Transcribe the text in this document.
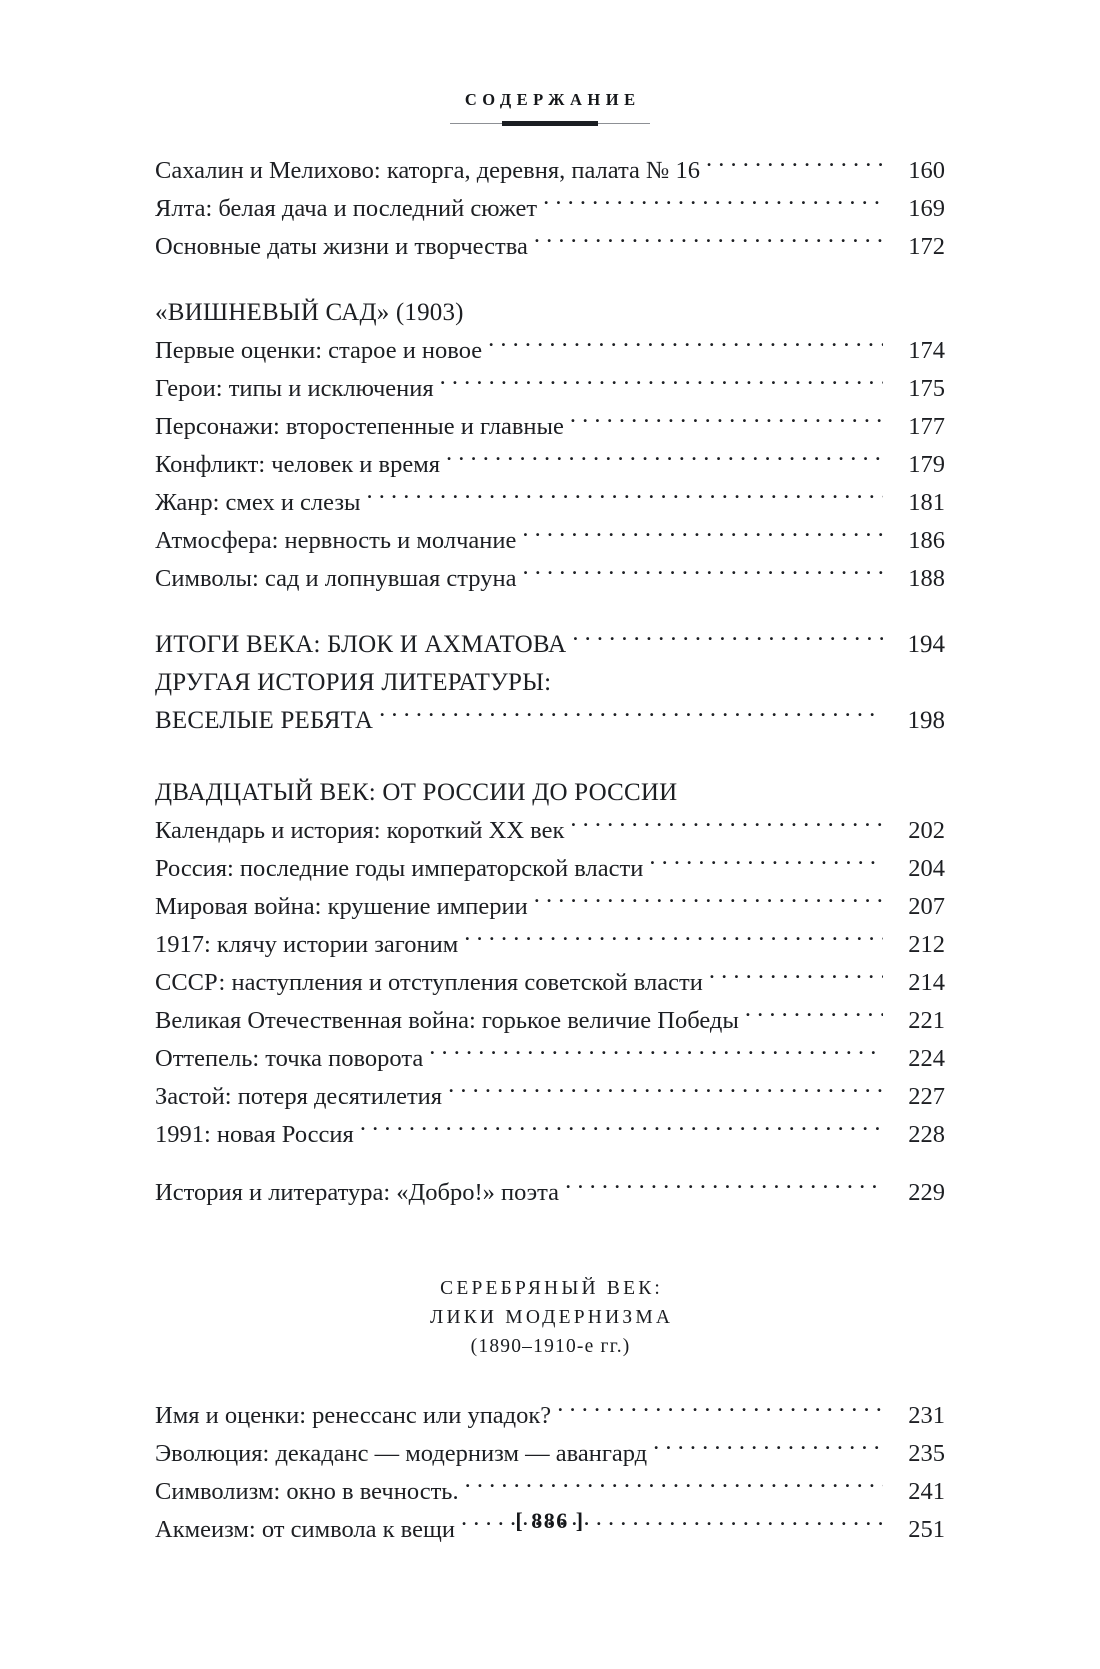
СОДЕРЖАНИЕ
Сахалин и Мелихово: каторга, деревня, палата № 16 . . .	160
Ялта: белая дача и последний сюжет . . .	169
Основные даты жизни и творчества . . .	172
«ВИШНЕВЫЙ САД» (1903)
Первые оценки: старое и новое . . .	174
Герои: типы и исключения . . .	175
Персонажи: второстепенные и главные . . .	177
Конфликт: человек и время . . .	179
Жанр: смех и слезы . . .	181
Атмосфера: нервность и молчание . . .	186
Символы: сад и лопнувшая струна . . .	188
ИТОГИ ВЕКА: БЛОК И АХМАТОВА . . .	194
ДРУГАЯ ИСТОРИЯ ЛИТЕРАТУРЫ:
ВЕСЕЛЫЕ РЕБЯТА . . .	198
ДВАДЦАТЫЙ ВЕК: ОТ РОССИИ ДО РОССИИ
Календарь и история: короткий XX век . . .	202
Россия: последние годы императорской власти . . .	204
Мировая война: крушение империи . . .	207
1917: клячу истории загоним . . .	212
СССР: наступления и отступления советской власти . . .	214
Великая Отечественная война: горькое величие Победы . . .	221
Оттепель: точка поворота . . .	224
Застой: потеря десятилетия . . .	227
1991: новая Россия . . .	228
История и литература: «Добро!» поэта . . .	229
СЕРЕБРЯНЫЙ ВЕК:
ЛИКИ МОДЕРНИЗМА
(1890–1910-е гг.)
Имя и оценки: ренессанс или упадок? . . .	231
Эволюция: декаданс — модернизм — авангард . . .	235
Символизм: окно в вечность. . . .	241
Акмеизм: от символа к вещи . . .	251
[ 886 ]
